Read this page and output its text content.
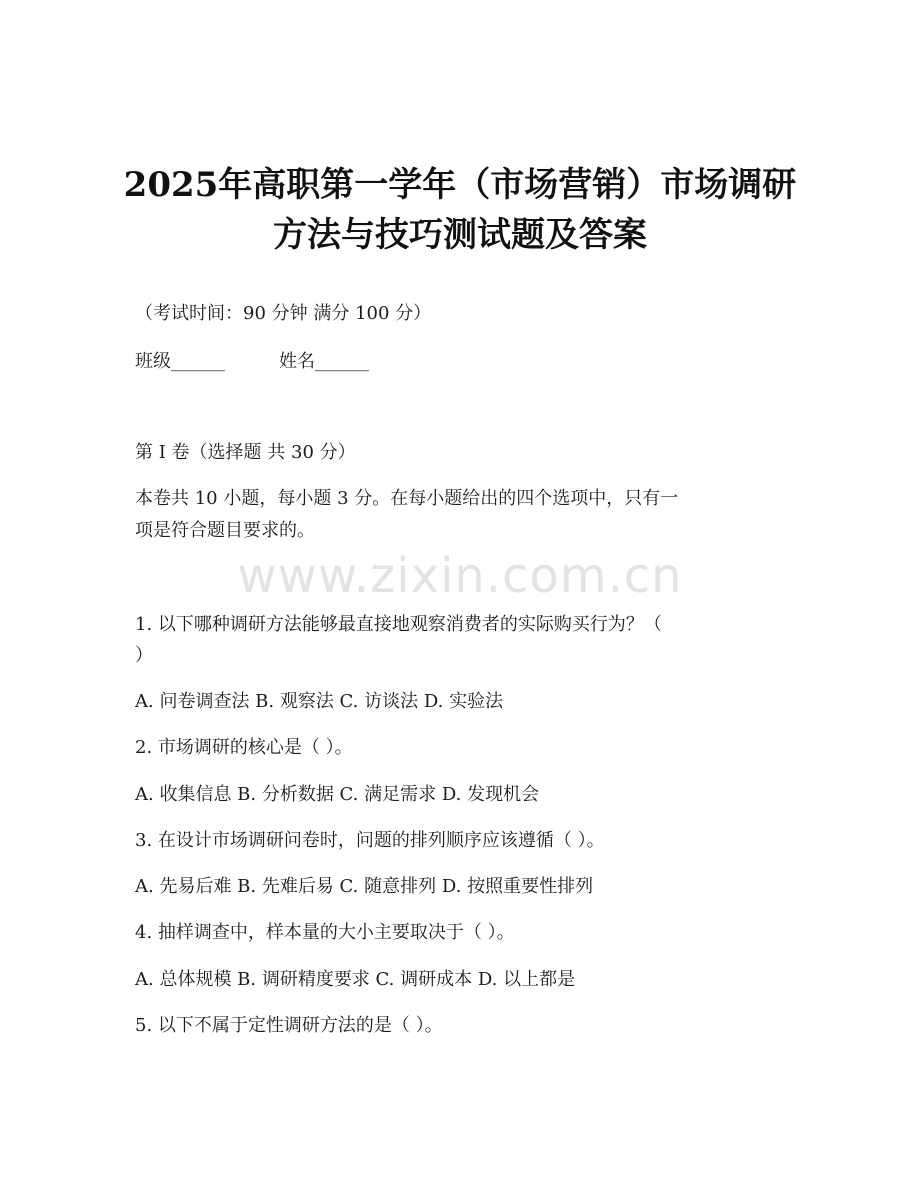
2025年高职第一学年（市场营销）市场调研
方法与技巧测试题及答案
（考试时间：90 分钟 满分 100 分）
班级______	姓名______
第 I 卷（选择题 共 30 分）
本卷共 10 小题，每小题 3 分。在每小题给出的四个选项中，只有一
项是符合题目要求的。
www.zixin.com.cn
1. 以下哪种调研方法能够最直接地观察消费者的实际购买行为？（
）
A. 问卷调查法 B. 观察法 C. 访谈法 D. 实验法
2. 市场调研的核心是（ ）。
A. 收集信息 B. 分析数据 C. 满足需求 D. 发现机会
3. 在设计市场调研问卷时，问题的排列顺序应该遵循（ ）。
A. 先易后难 B. 先难后易 C. 随意排列 D. 按照重要性排列
4. 抽样调查中，样本量的大小主要取决于（ ）。
A. 总体规模 B. 调研精度要求 C. 调研成本 D. 以上都是
5. 以下不属于定性调研方法的是（ ）。
